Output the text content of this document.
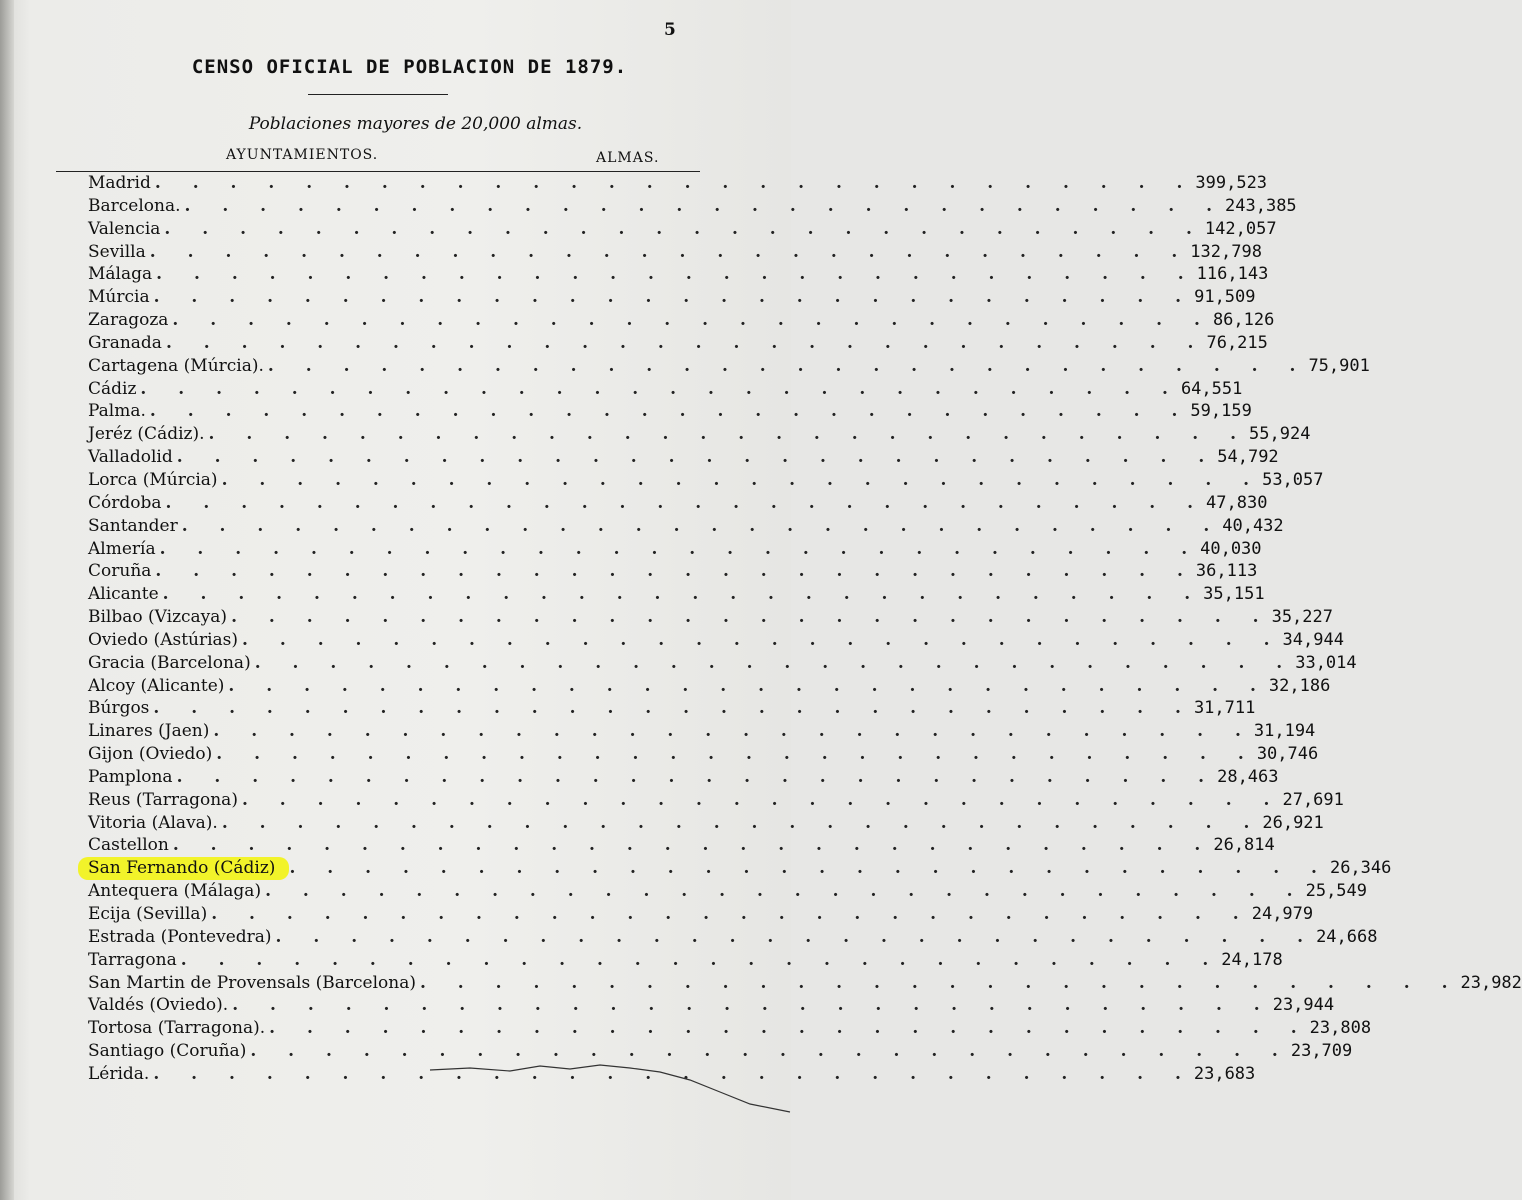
5
CENSO OFICIAL DE POBLACION DE 1879.
Poblaciones mayores de 20,000 almas.
AYUNTAMIENTOS.	ALMAS.
Madrid . . . . . . . . . . . . . . . . . . . . . . . . . . . . 399,523
Barcelona. . . . . . . . . . . . . . . . . . . . . . . . . . . . . 243,385
Valencia . . . . . . . . . . . . . . . . . . . . . . . . . . . . 142,057
Sevilla . . . . . . . . . . . . . . . . . . . . . . . . . . . . 132,798
Málaga . . . . . . . . . . . . . . . . . . . . . . . . . . . . 116,143
Múrcia . . . . . . . . . . . . . . . . . . . . . . . . . . . . 91,509
Zaragoza . . . . . . . . . . . . . . . . . . . . . . . . . . . . 86,126
Granada . . . . . . . . . . . . . . . . . . . . . . . . . . . . 76,215
Cartagena (Múrcia). . . . . . . . . . . . . . . . . . . . . . . . . . . . . 75,901
Cádiz . . . . . . . . . . . . . . . . . . . . . . . . . . . . 64,551
Palma. . . . . . . . . . . . . . . . . . . . . . . . . . . . . 59,159
Jeréz (Cádiz). . . . . . . . . . . . . . . . . . . . . . . . . . . . . 55,924
Valladolid . . . . . . . . . . . . . . . . . . . . . . . . . . . . 54,792
Lorca (Múrcia) . . . . . . . . . . . . . . . . . . . . . . . . . . . . 53,057
Córdoba . . . . . . . . . . . . . . . . . . . . . . . . . . . . 47,830
Santander . . . . . . . . . . . . . . . . . . . . . . . . . . . . 40,432
Almería . . . . . . . . . . . . . . . . . . . . . . . . . . . . 40,030
Coruña . . . . . . . . . . . . . . . . . . . . . . . . . . . . 36,113
Alicante . . . . . . . . . . . . . . . . . . . . . . . . . . . . 35,151
Bilbao (Vizcaya) . . . . . . . . . . . . . . . . . . . . . . . . . . . . 35,227
Oviedo (Astúrias) . . . . . . . . . . . . . . . . . . . . . . . . . . . . 34,944
Gracia (Barcelona) . . . . . . . . . . . . . . . . . . . . . . . . . . . . 33,014
Alcoy (Alicante) . . . . . . . . . . . . . . . . . . . . . . . . . . . . 32,186
Búrgos . . . . . . . . . . . . . . . . . . . . . . . . . . . . 31,711
Linares (Jaen) . . . . . . . . . . . . . . . . . . . . . . . . . . . . 31,194
Gijon (Oviedo) . . . . . . . . . . . . . . . . . . . . . . . . . . . . 30,746
Pamplona . . . . . . . . . . . . . . . . . . . . . . . . . . . . 28,463
Reus (Tarragona) . . . . . . . . . . . . . . . . . . . . . . . . . . . . 27,691
Vitoria (Alava). . . . . . . . . . . . . . . . . . . . . . . . . . . . . 26,921
Castellon . . . . . . . . . . . . . . . . . . . . . . . . . . . . 26,814
San Fernando (Cádiz) . . . . . . . . . . . . . . . . . . . . . . . . . . . . 26,346
Antequera (Málaga) . . . . . . . . . . . . . . . . . . . . . . . . . . . . 25,549
Ecija (Sevilla) . . . . . . . . . . . . . . . . . . . . . . . . . . . . 24,979
Estrada (Pontevedra) . . . . . . . . . . . . . . . . . . . . . . . . . . . . 24,668
Tarragona . . . . . . . . . . . . . . . . . . . . . . . . . . . . 24,178
San Martin de Provensals (Barcelona) . . . . . . . . . . . . . . . . . . . . . . . . . . . . 23,982
Valdés (Oviedo). . . . . . . . . . . . . . . . . . . . . . . . . . . . . 23,944
Tortosa (Tarragona). . . . . . . . . . . . . . . . . . . . . . . . . . . . . 23,808
Santiago (Coruña) . . . . . . . . . . . . . . . . . . . . . . . . . . . . 23,709
Lérida. . . . . . . . . . . . . . . . . . . . . . . . . . . . . 23,683
